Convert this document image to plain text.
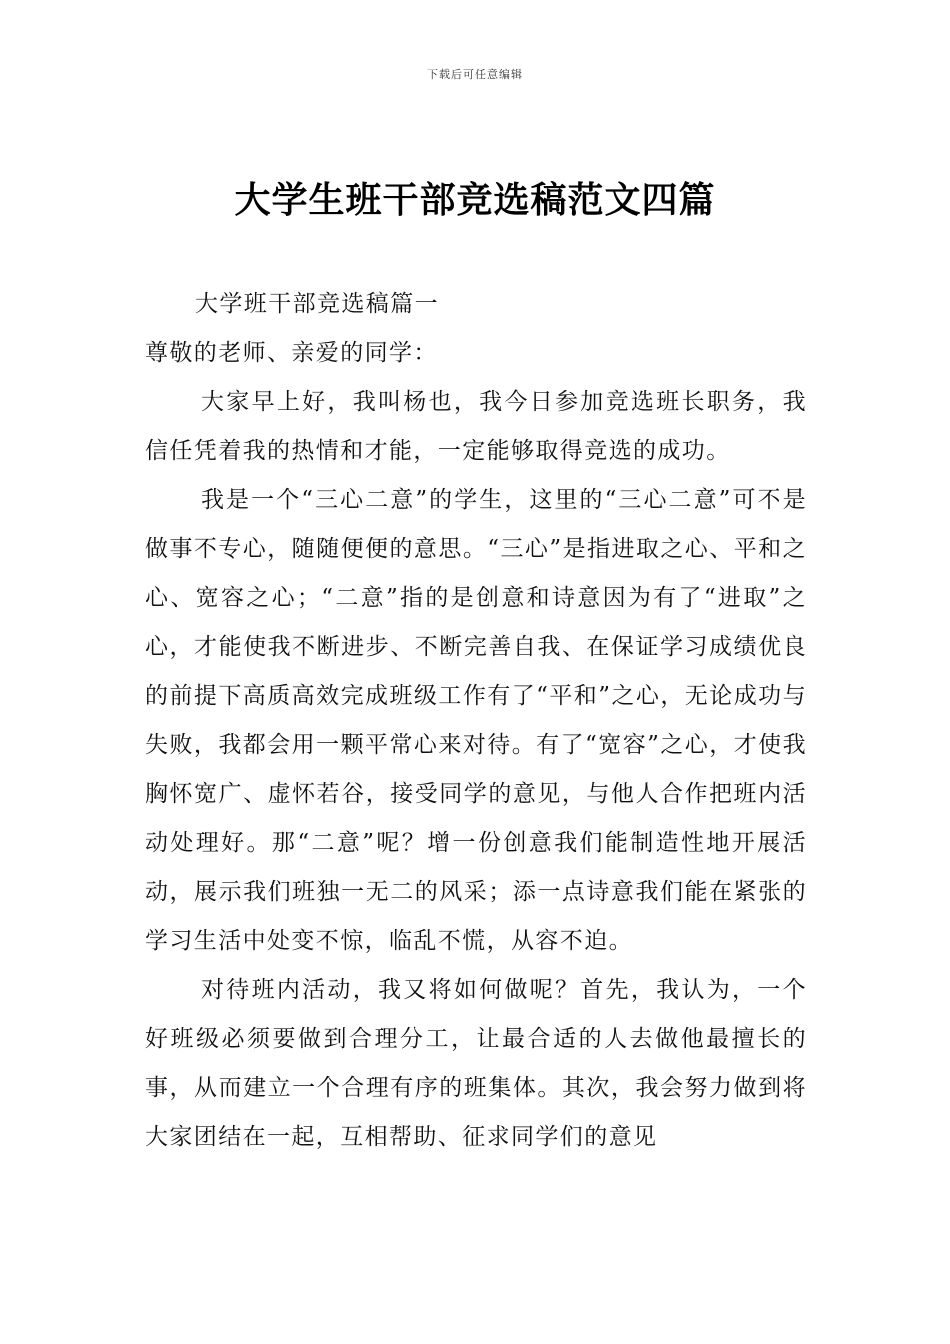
下载后可任意编辑
大学生班干部竞选稿范文四篇

大学班干部竞选稿篇一

尊敬的老师、亲爱的同学：

大家早上好，我叫杨也，我今日参加竞选班长职务，我信任凭着我的热情和才能，一定能够取得竞选的成功。

我是一个“三心二意”的学生，这里的“三心二意”可不是做事不专心，随随便便的意思。“三心”是指进取之心、平和之心、宽容之心；“二意”指的是创意和诗意因为有了“进取”之心，才能使我不断进步、不断完善自我、在保证学习成绩优良的前提下高质高效完成班级工作有了“平和”之心，无论成功与失败，我都会用一颗平常心来对待。有了“宽容”之心，才使我胸怀宽广、虚怀若谷，接受同学的意见，与他人合作把班内活动处理好。那“二意”呢？增一份创意我们能制造性地开展活动，展示我们班独一无二的风采；添一点诗意我们能在紧张的学习生活中处变不惊，临乱不慌，从容不迫。

对待班内活动，我又将如何做呢？首先，我认为，一个好班级必须要做到合理分工，让最合适的人去做他最擅长的事，从而建立一个合理有序的班集体。其次，我会努力做到将大家团结在一起，互相帮助、征求同学们的意见
